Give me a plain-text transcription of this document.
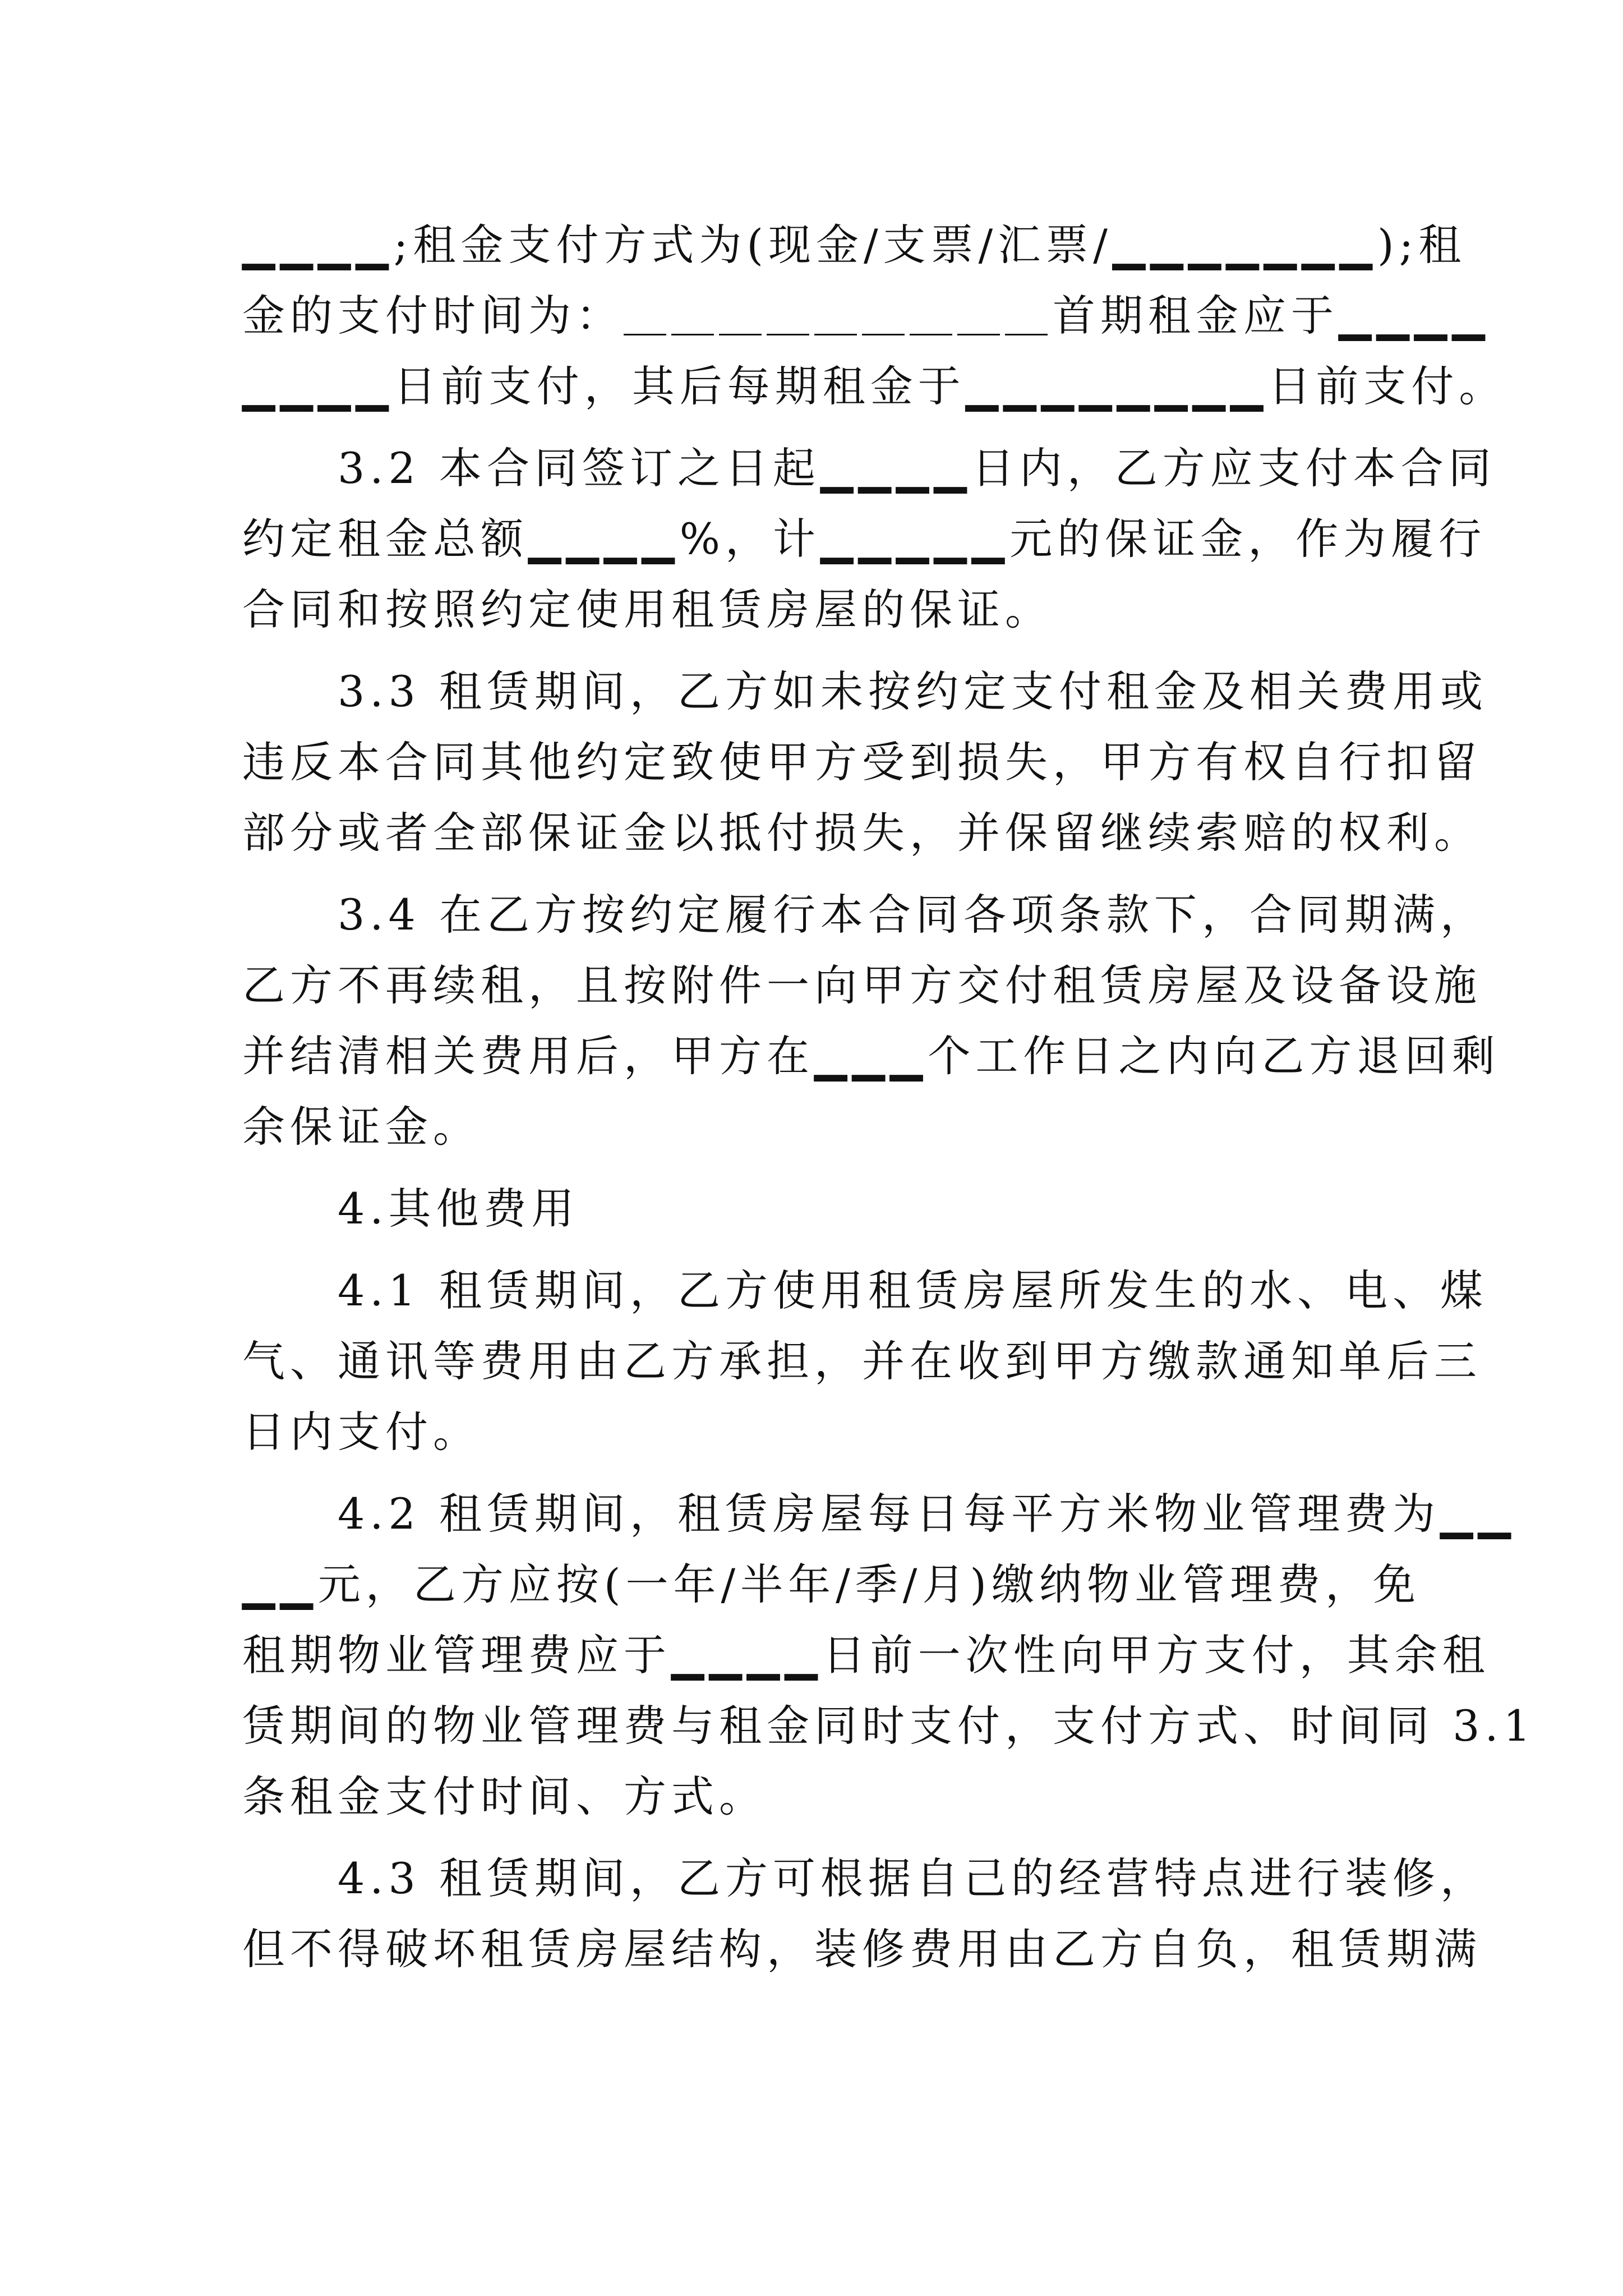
▁▁▁▁;租金支付方式为(现金/支票/汇票/▁▁▁▁▁▁▁);租
金的支付时间为：＿＿＿＿＿＿＿＿＿首期租金应于▁▁▁▁
▁▁▁▁日前支付，其后每期租金于▁▁▁▁▁▁▁▁日前支付。
　　3.2 本合同签订之日起▁▁▁▁日内，乙方应支付本合同
约定租金总额▁▁▁▁%，计▁▁▁▁▁元的保证金，作为履行
合同和按照约定使用租赁房屋的保证。
　　3.3 租赁期间，乙方如未按约定支付租金及相关费用或
违反本合同其他约定致使甲方受到损失，甲方有权自行扣留
部分或者全部保证金以抵付损失，并保留继续索赔的权利。
　　3.4 在乙方按约定履行本合同各项条款下，合同期满，
乙方不再续租，且按附件一向甲方交付租赁房屋及设备设施
并结清相关费用后，甲方在▁▁▁个工作日之内向乙方退回剩
余保证金。
　　4.其他费用
　　4.1 租赁期间，乙方使用租赁房屋所发生的水、电、煤
气、通讯等费用由乙方承担，并在收到甲方缴款通知单后三
日内支付。
　　4.2 租赁期间，租赁房屋每日每平方米物业管理费为▁▁
▁▁元，乙方应按(一年/半年/季/月)缴纳物业管理费，免
租期物业管理费应于▁▁▁▁日前一次性向甲方支付，其余租
赁期间的物业管理费与租金同时支付，支付方式、时间同 3.1
条租金支付时间、方式。
　　4.3 租赁期间，乙方可根据自己的经营特点进行装修，
但不得破坏租赁房屋结构，装修费用由乙方自负，租赁期满
